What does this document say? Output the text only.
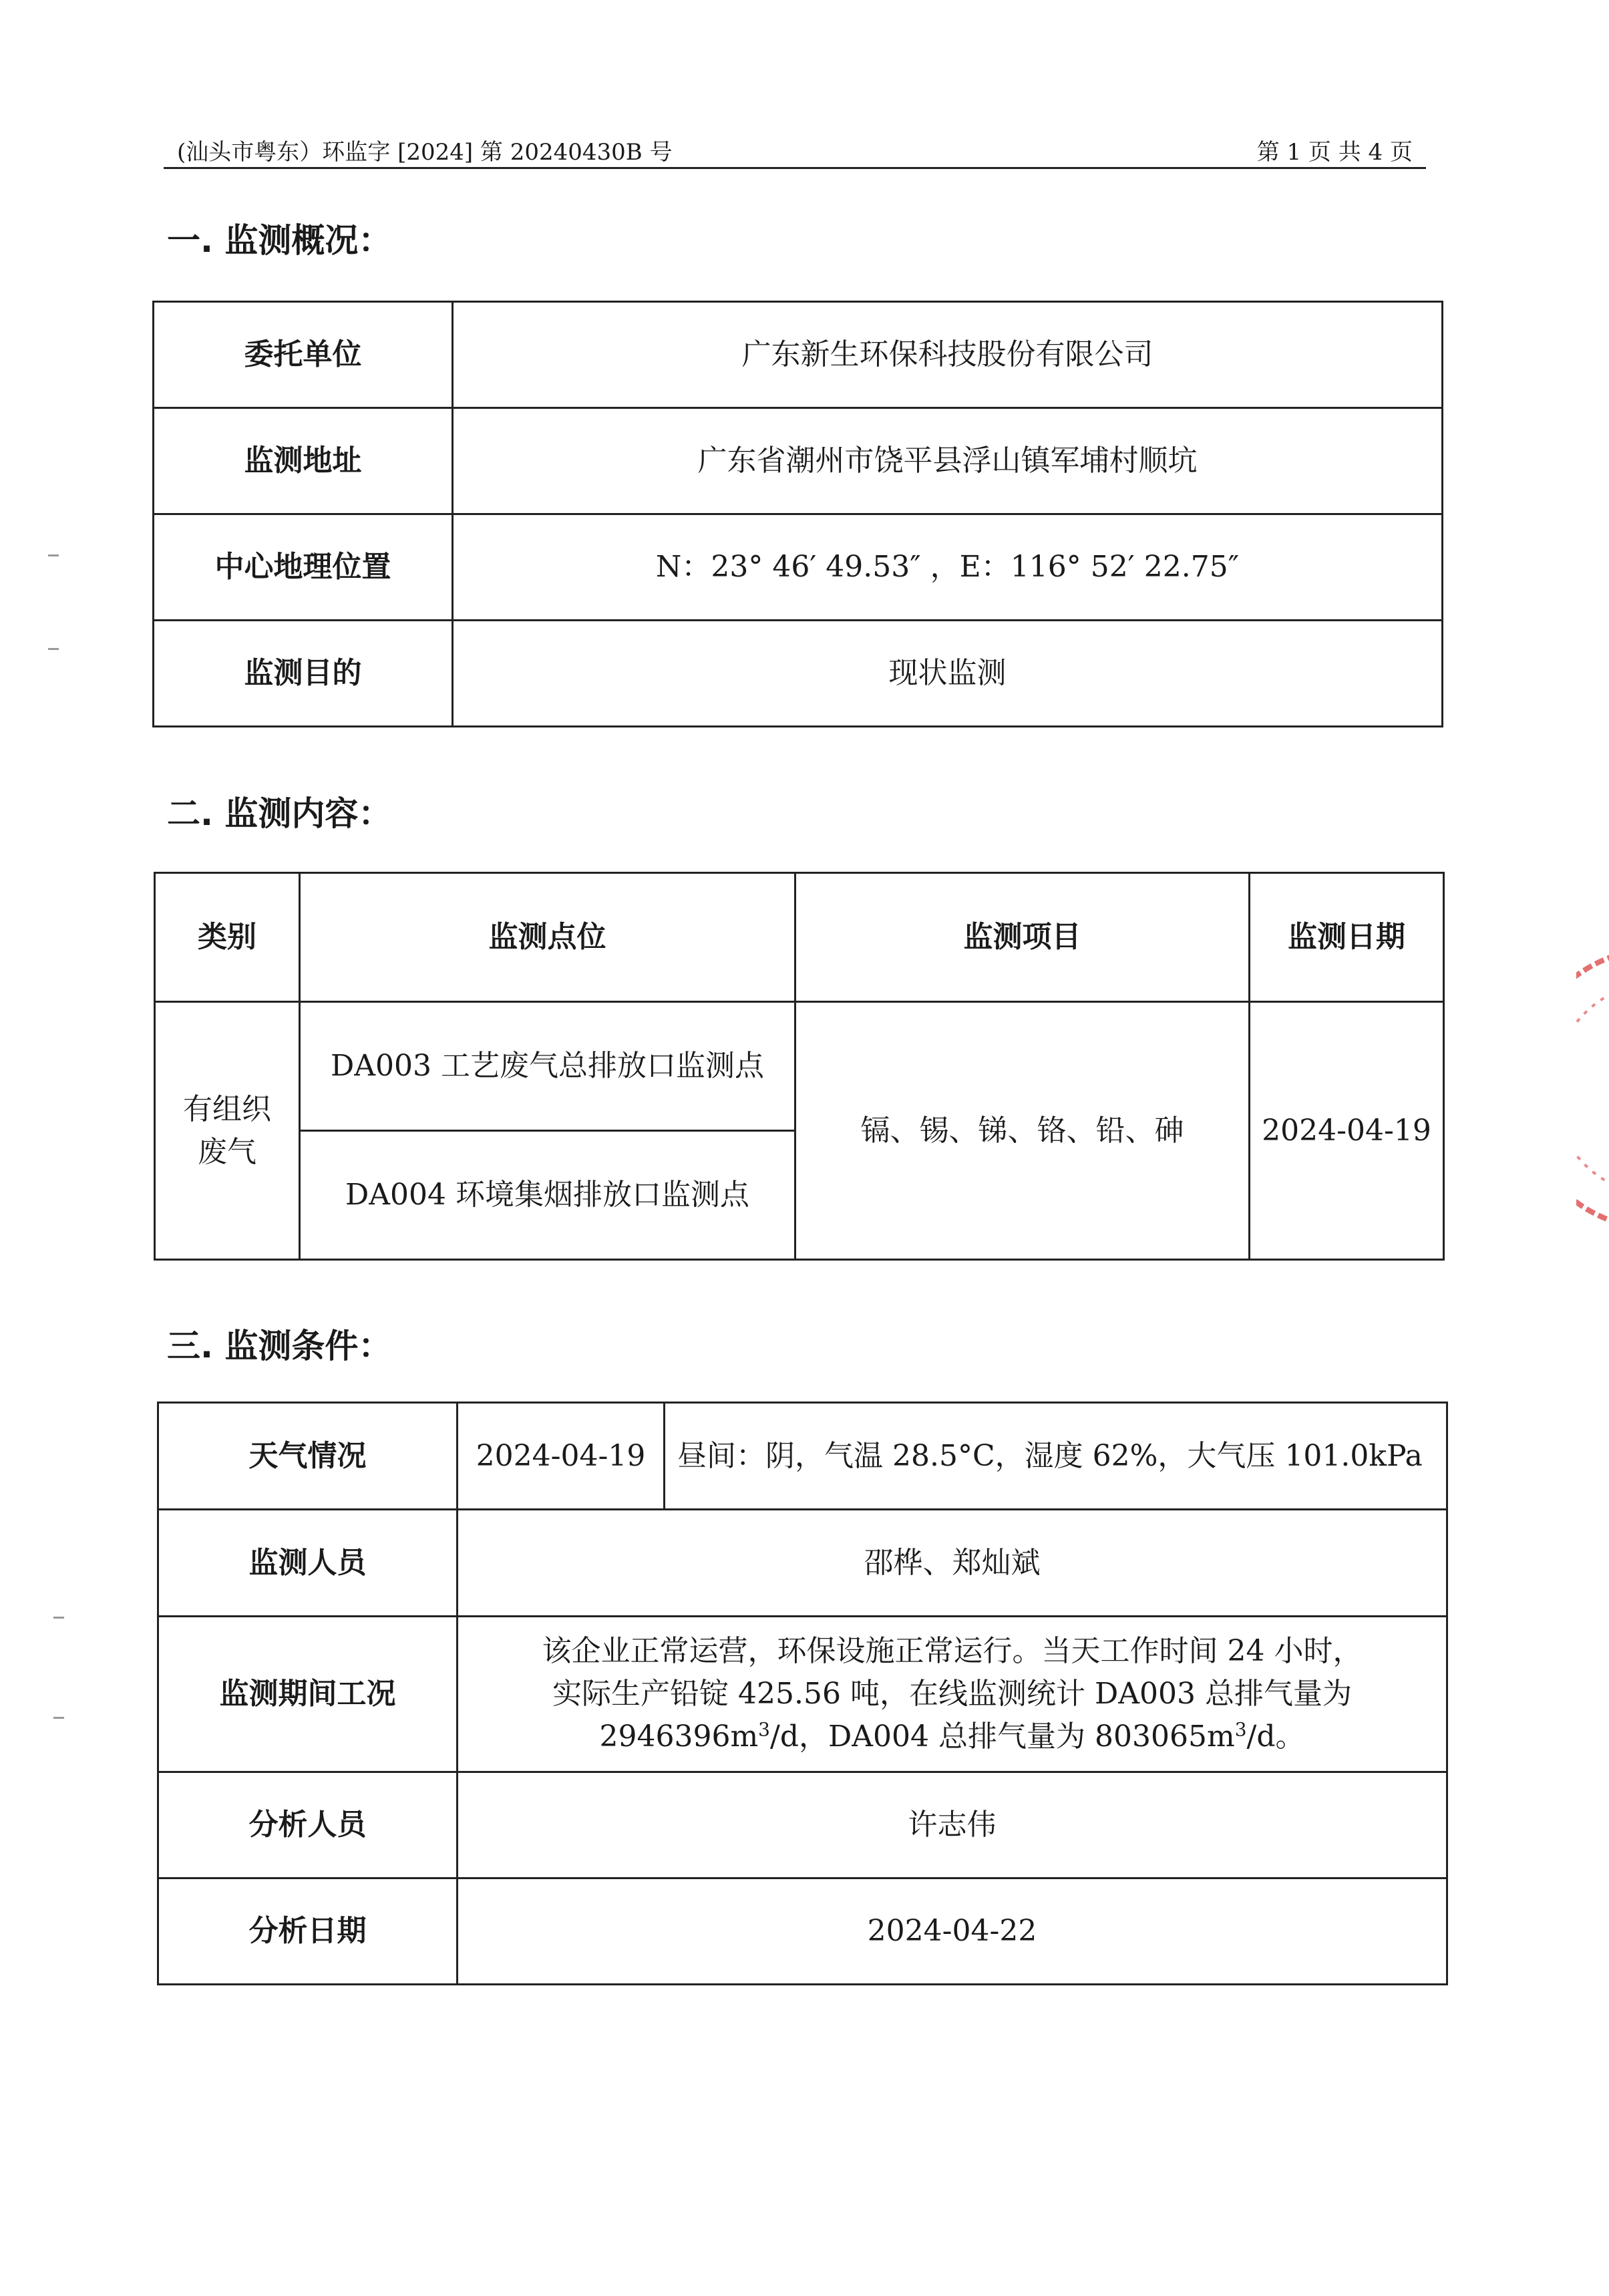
(汕头市粤东）环监字 [2024] 第 20240430B 号	第 1 页 共 4 页
一. 监测概况：
委托单位	广东新生环保科技股份有限公司
监测地址	广东省潮州市饶平县浮山镇军埔村顺坑
中心地理位置	N：23° 46′ 49.53″ ，E：116° 52′ 22.75″
监测目的	现状监测
二. 监测内容：
类别	监测点位	监测项目	监测日期
有组织废气	DA003 工艺废气总排放口监测点	镉、锡、锑、铬、铅、砷	2024-04-19
	DA004 环境集烟排放口监测点		
三. 监测条件：
天气情况	2024-04-19	昼间：阴，气温 28.5°C，湿度 62%，大气压 101.0kPa
监测人员	邵桦、郑灿斌	
监测期间工况	该企业正常运营，环保设施正常运行。当天工作时间 24 小时，
实际生产铅锭 425.56 吨，在线监测统计 DA003 总排气量为
$2946396m^3/d$，DA004 总排气量为 $803065m^3/d$。	

分析人员	许志伟	
分析日期	2024-04-22	
